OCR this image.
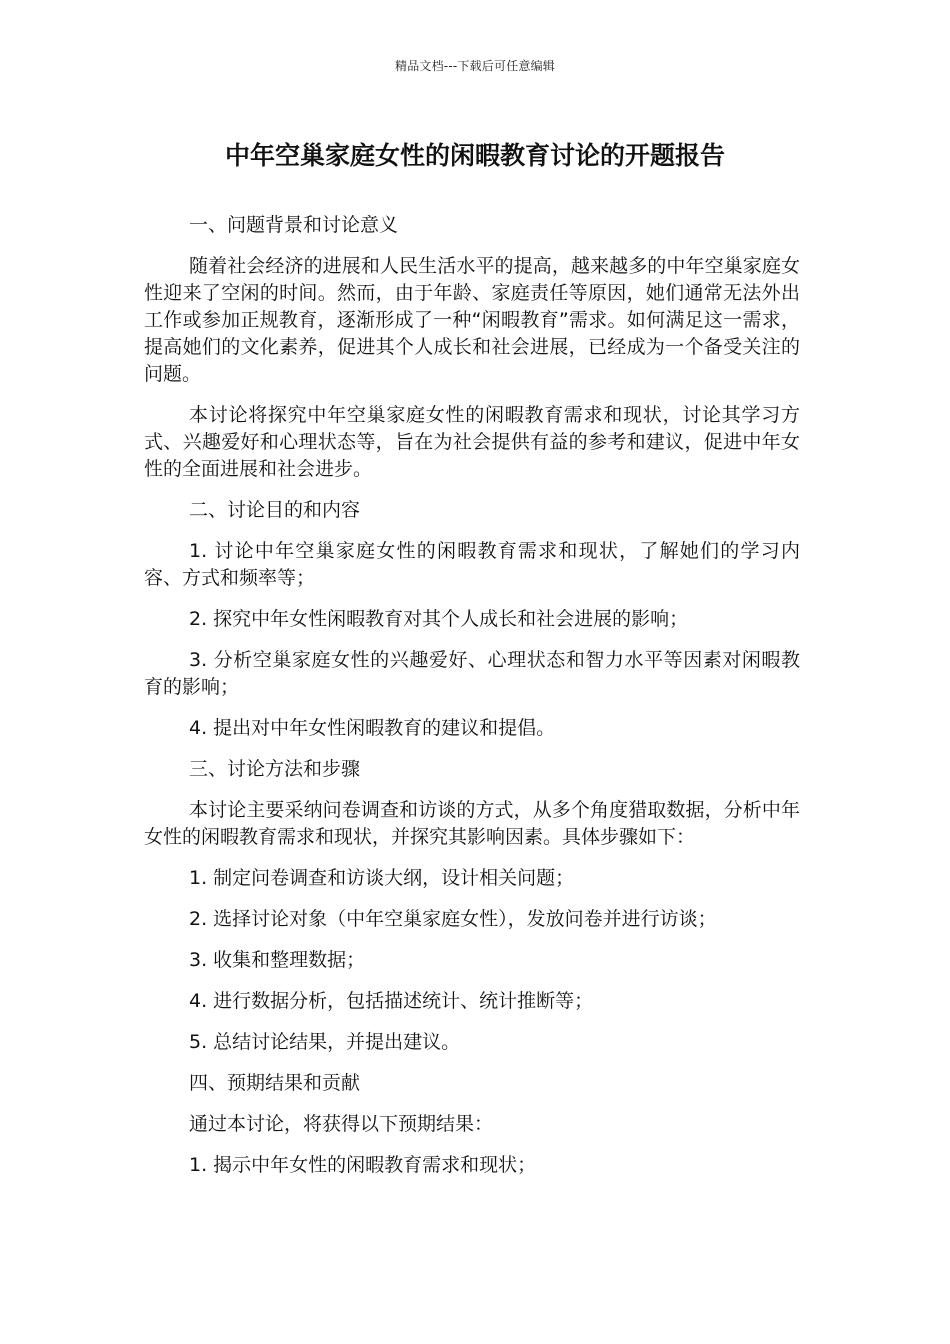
精品文档---下载后可任意编辑
中年空巢家庭女性的闲暇教育讨论的开题报告

一、问题背景和讨论意义

随着社会经济的进展和人民生活水平的提高，越来越多的中年空巢家庭女性迎来了空闲的时间。然而，由于年龄、家庭责任等原因，她们通常无法外出工作或参加正规教育，逐渐形成了一种“闲暇教育”需求。如何满足这一需求，提高她们的文化素养，促进其个人成长和社会进展，已经成为一个备受关注的问题。

本讨论将探究中年空巢家庭女性的闲暇教育需求和现状，讨论其学习方式、兴趣爱好和心理状态等，旨在为社会提供有益的参考和建议，促进中年女性的全面进展和社会进步。

二、讨论目的和内容

1. 讨论中年空巢家庭女性的闲暇教育需求和现状，了解她们的学习内容、方式和频率等；

2. 探究中年女性闲暇教育对其个人成长和社会进展的影响；

3. 分析空巢家庭女性的兴趣爱好、心理状态和智力水平等因素对闲暇教育的影响；

4. 提出对中年女性闲暇教育的建议和提倡。

三、讨论方法和步骤

本讨论主要采纳问卷调查和访谈的方式，从多个角度猎取数据，分析中年女性的闲暇教育需求和现状，并探究其影响因素。具体步骤如下：

1. 制定问卷调查和访谈大纲，设计相关问题；

2. 选择讨论对象（中年空巢家庭女性），发放问卷并进行访谈；

3. 收集和整理数据；

4. 进行数据分析，包括描述统计、统计推断等；

5. 总结讨论结果，并提出建议。

四、预期结果和贡献

通过本讨论，将获得以下预期结果：

1. 揭示中年女性的闲暇教育需求和现状；
